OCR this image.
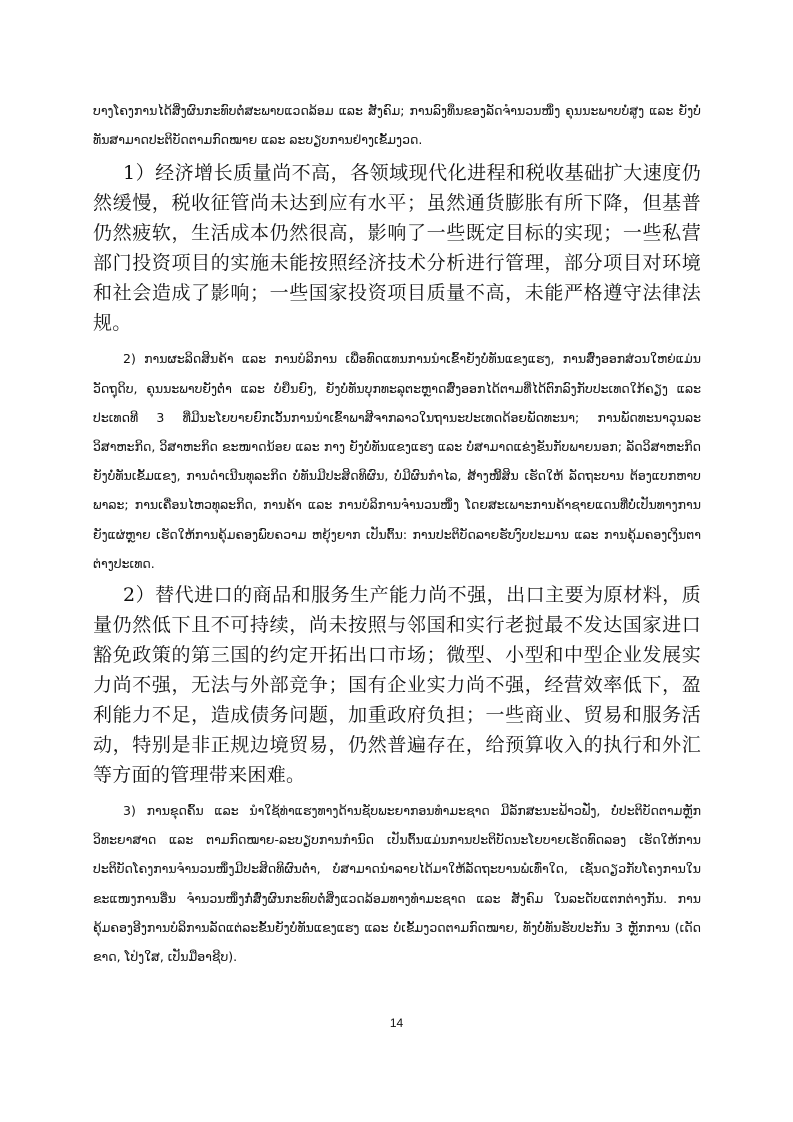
ບາງໂຄງການໄດ້ສິ່ງຜົນກະທົບຕໍ່ສະພາບແວດລ້ອມ ແລະ ສັງຄົມ; ການລົງທຶນຂອງລັດຈຳນວນໜຶ່ງ ຄຸນນະພາບບໍ່ສູງ ແລະ ຍັງບໍ່ທັນສາມາດປະຕິບັດຕາມກົດໝາຍ ແລະ ລະບຽບການຢ່າງເຂັ້ມງວດ.

1）经济增长质量尚不高，各领域现代化进程和税收基础扩大速度仍然缓慢，税收征管尚未达到应有水平；虽然通货膨胀有所下降，但基普仍然疲软，生活成本仍然很高，影响了一些既定目标的实现；一些私营部门投资项目的实施未能按照经济技术分析进行管理，部分项目对环境和社会造成了影响；一些国家投资项目质量不高，未能严格遵守法律法规。

2) ການຜະລິດສິນຄ້າ ແລະ ການບໍລິການ ເພື່ອທົດແທນການນໍາເຂົ້າຍັງບໍ່ທັນແຂງແຮງ, ການສົ່ງອອກສ່ວນໃຫຍ່ແມ່ນວັດຖຸດິບ, ຄຸນນະພາບຍັງຕໍ່າ ແລະ ບໍ່ຍືນຍົງ, ຍັງບໍ່ທັນບຸກທະລຸຕະຫຼາດສົ່ງອອກໄດ້ຕາມທີ່ໄດ້ຕົກລົງກັບປະເທດໃກ້ຄຽງ ແລະ ປະເທດທີ 3 ທີ່ມີນະໂຍບາຍຍົກເວັ້ນການນໍາເຂົ້າພາສີຈາກລາວໃນຖານະປະເທດດ້ອຍພັດທະນາ; ການພັດທະນາວຸນລະວິສາຫະກິດ, ວິສາຫະກິດ ຂະໜາດນ້ອຍ ແລະ ກາງ ຍັງບໍ່ທັນແຂງແຮງ ແລະ ບໍ່ສາມາດແຂ່ງຂັນກັບພາຍນອກ; ລັດວິສາຫະກິດ ຍັງບໍ່ທັນເຂັ້ມແຂງ, ການດຳເນີນທຸລະກິດ ບໍ່ທັນມີປະສິດທິຜົນ, ບໍ່ມີຜົນກຳໄລ, ສ້າງໜີ້ສິນ ເຮັດໃຫ້ ລັດຖະບານ ຕ້ອງແບກຫາບພາລະ; ການເຄື່ອນໄຫວທຸລະກິດ, ການຄ້າ ແລະ ການບໍລິການຈຳນວນໜຶ່ງ ໂດຍສະເພາະການຄ້າຊາຍແດນທີ່ບໍ່ເປັນທາງການຍັງແຜ່ຫຼາຍ ເຮັດໃຫ້ການຄຸ້ມຄອງພົບຄວາມ ຫຍຸ້ງຍາກ ເປັນຕົ້ນ: ການປະຕິບັດລາຍຮັບງົບປະມານ ແລະ ການຄຸ້ມຄອງເງິນຕາຕ່າງປະເທດ.

2）替代进口的商品和服务生产能力尚不强，出口主要为原材料，质量仍然低下且不可持续，尚未按照与邻国和实行老挝最不发达国家进口豁免政策的第三国的约定开拓出口市场；微型、小型和中型企业发展实力尚不强，无法与外部竞争；国有企业实力尚不强，经营效率低下，盈利能力不足，造成债务问题，加重政府负担；一些商业、贸易和服务活动，特别是非正规边境贸易，仍然普遍存在，给预算收入的执行和外汇等方面的管理带来困难。

3) ການຂຸດຄົ້ນ ແລະ ນໍາໃຊ້ທ່າແຮງທາງດ້ານຊັບພະຍາກອນທຳມະຊາດ ມີລັກສະນະຟ້າວຟັ່ງ, ບໍ່ປະຕິບັດຕາມຫຼັກວິທະຍາສາດ ແລະ ຕາມກົດໝາຍ-ລະບຽບການກຳນົດ ເປັນຕົ້ນແມ່ນການປະຕິບັດນະໂຍບາຍເຮັດທົດລອງ ເຮັດໃຫ້ການປະຕິບັດໂຄງການຈຳນວນໜຶ່ງມີປະສິດທິຜົນຕໍ່າ, ບໍ່ສາມາດນໍາລາຍໄດ້ມາໃຫ້ລັດຖະບານພໍເທົ່າໃດ, ເຊັ່ນດຽວກັບໂຄງການໃນຂະແໜງການອື່ນ ຈຳນວນໜຶ່ງກໍ່ສົ່ງຜົນກະທົບຕໍ່ສິ່ງແວດລ້ອມທາງທຳມະຊາດ ແລະ ສັງຄົມ ໃນລະດັບແຕກຕ່າງກັນ. ການຄຸ້ມຄອງອີງການບໍລິການລັດແຕ່ລະຂັ້ນຍັງບໍ່ທັນແຂງແຮງ ແລະ ບໍ່ເຂັ້ມງວດຕາມກົດໝາຍ, ທັງບໍ່ທັນຮັບປະກັນ 3 ຫຼັກການ (ເດັດຂາດ, ໂປ່ງໃສ, ເປັນມືອາຊີບ).

14
